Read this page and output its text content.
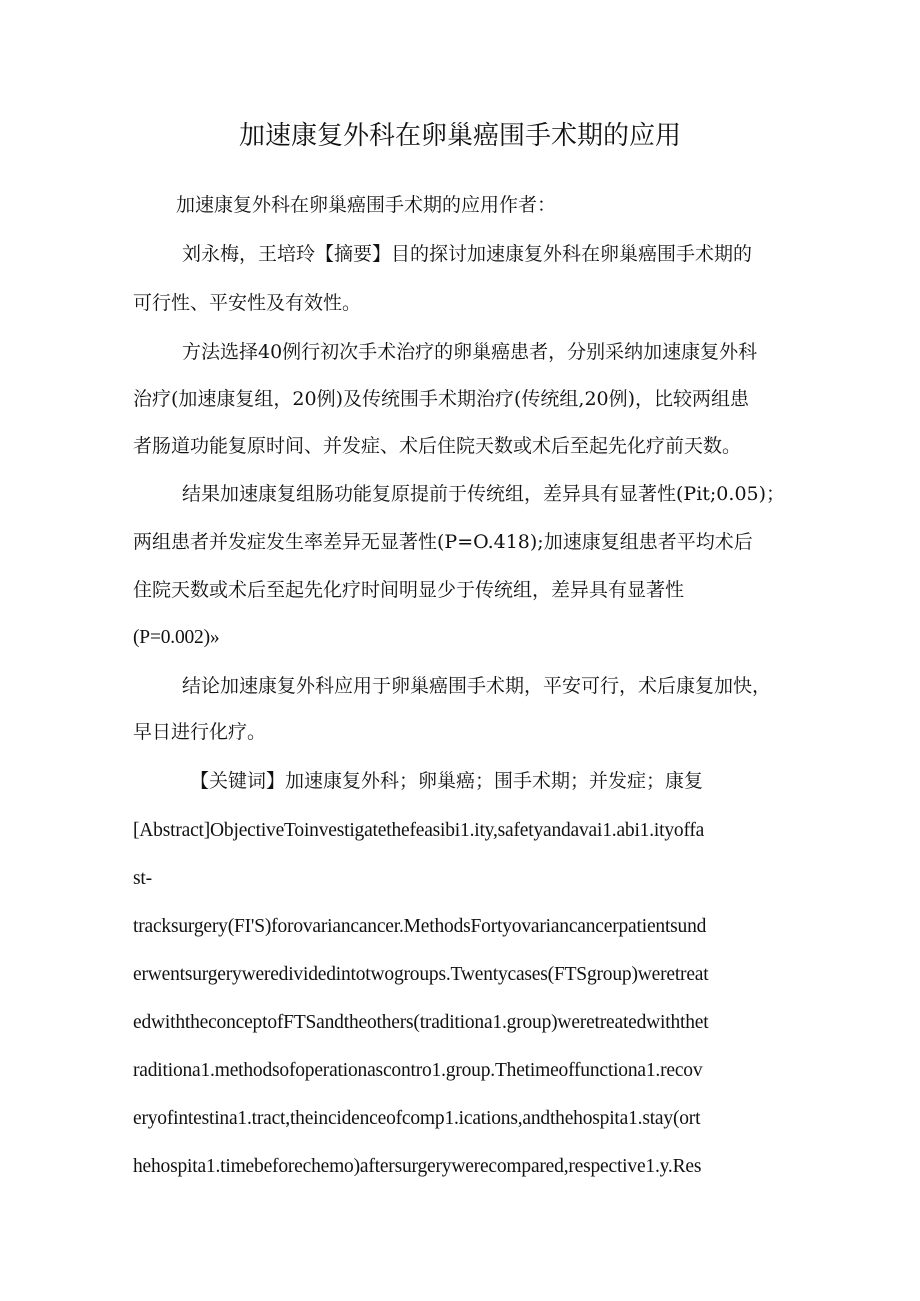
加速康复外科在卵巢癌围手术期的应用
加速康复外科在卵巢癌围手术期的应用作者：
刘永梅，王培玲【摘要】目的探讨加速康复外科在卵巢癌围手术期的
可行性、平安性及有效性。
方法选择40例行初次手术治疗的卵巢癌患者，分别采纳加速康复外科
治疗(加速康复组，20例)及传统围手术期治疗(传统组,20例)，比较两组患
者肠道功能复原时间、并发症、术后住院天数或术后至起先化疗前天数。
结果加速康复组肠功能复原提前于传统组，差异具有显著性(Pit;0.05)；
两组患者并发症发生率差异无显著性(P=O.418);加速康复组患者平均术后
住院天数或术后至起先化疗时间明显少于传统组，差异具有显著性
(P=0.002)»
结论加速康复外科应用于卵巢癌围手术期，平安可行，术后康复加快，
早日进行化疗。
【关键词】加速康复外科；卵巢癌；围手术期；并发症；康复
[Abstract]ObjectiveToinvestigatethefeasibi1.ity,safetyandavai1.abi1.ityoffa
st-
tracksurgery(FI'S)forovariancancer.MethodsFortyovariancancerpatientsund
erwentsurgeryweredividedintotwogroups.Twentycases(FTSgroup)weretreat
edwiththeconceptofFTSandtheothers(traditiona1.group)weretreatedwiththet
raditiona1.methodsofoperationascontro1.group.Thetimeoffunctiona1.recov
eryofintestina1.tract,theincidenceofcomp1.ications,andthehospita1.stay(ort
hehospita1.timebeforechemo)aftersurgerywerecompared,respective1.y.Res
